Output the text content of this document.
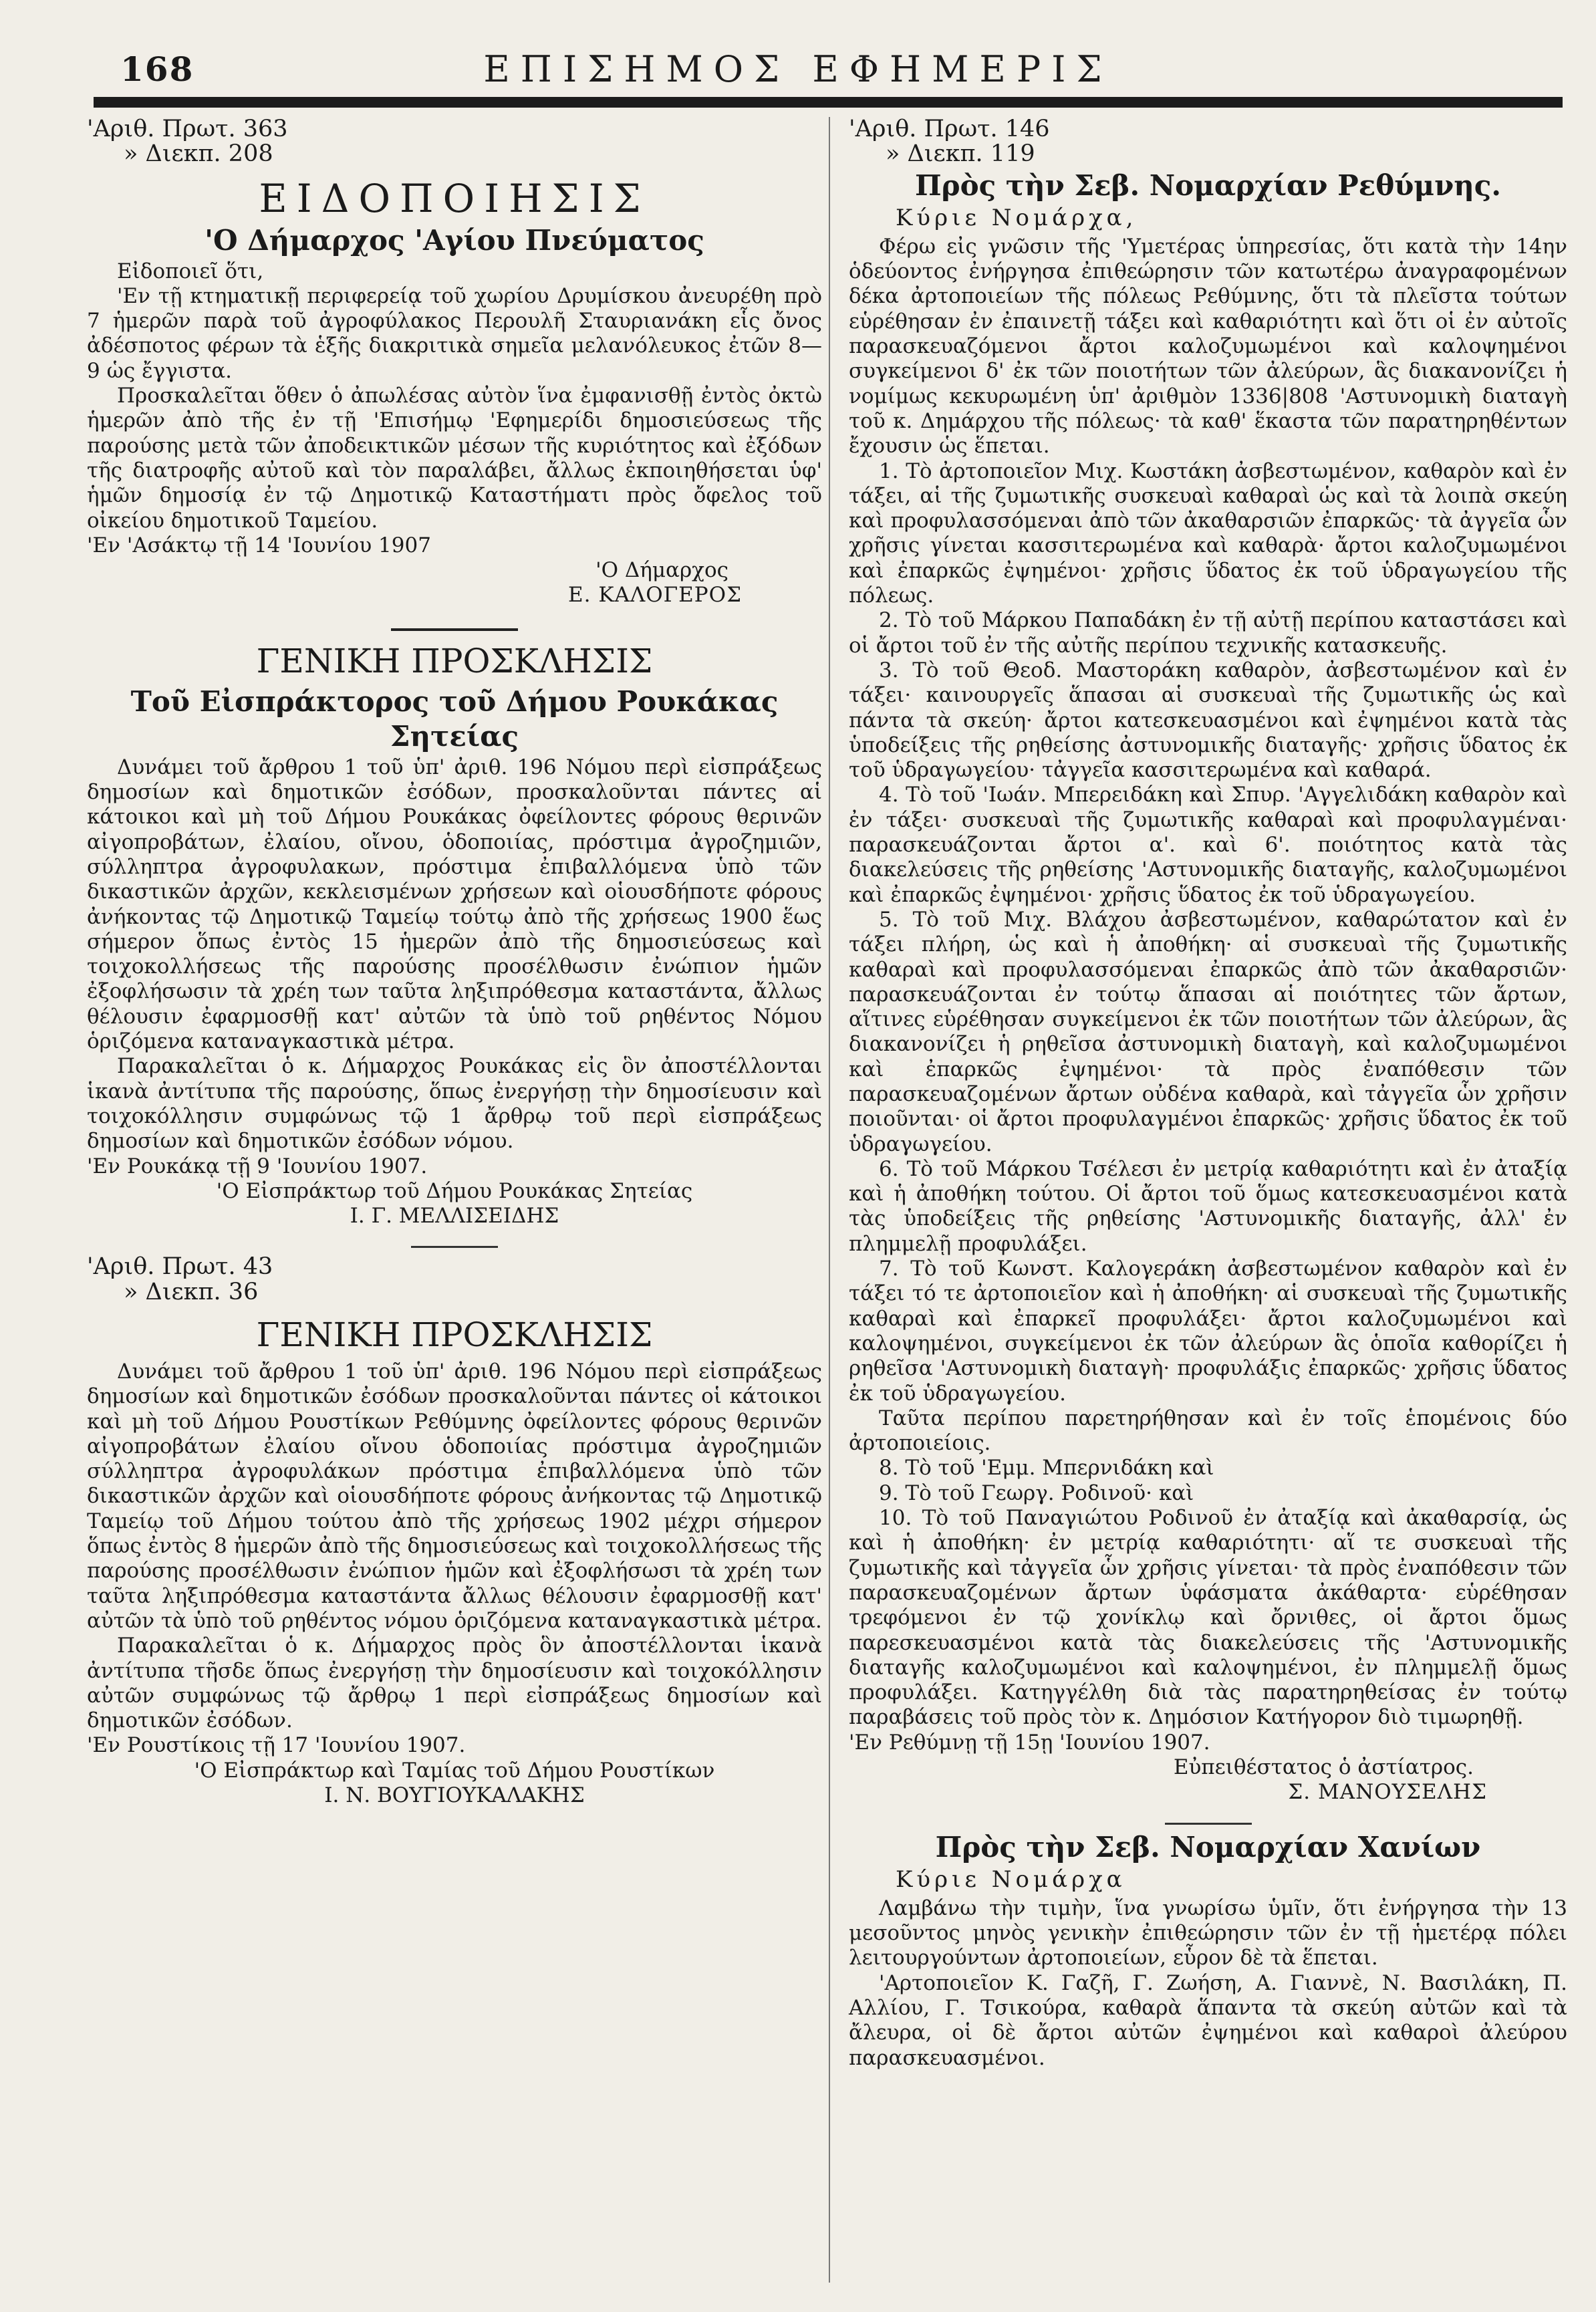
168	ΕΠΙΣΗΜΟΣ ΕΦΗΜΕΡΙΣ

'Αριθ. Πρωτ. 363

» Διεκπ. 208

ΕΙΔΟΠΟΙΗΣΙΣ
'Ο Δήμαρχος 'Αγίου Πνεύματος

Εἰδοποιεῖ ὅτι,

'Εν τῇ κτηματικῇ περιφερείᾳ τοῦ χωρίου Δρυμίσκου ἀνευρέθη πρὸ 7 ἡμερῶν παρὰ τοῦ ἀγροφύλακος Περουλῆ Σταυριανάκη εἷς ὄνος ἀδέσποτος φέρων τὰ ἑξῆς διακριτικὰ σημεῖα μελανόλευκος ἐτῶν 8—9 ὡς ἔγγιστα.

Προσκαλεῖται ὅθεν ὁ ἀπωλέσας αὐτὸν ἵνα ἐμφανισθῇ ἐντὸς ὀκτὼ ἡμερῶν ἀπὸ τῆς ἐν τῇ 'Επισήμῳ 'Εφημερίδι δημοσιεύσεως τῆς παρούσης μετὰ τῶν ἀποδεικτικῶν μέσων τῆς κυριότητος καὶ ἐξόδων τῆς διατροφῆς αὐτοῦ καὶ τὸν παραλάβει, ἄλλως ἐκποιηθήσεται ὑφ' ἡμῶν δημοσίᾳ ἐν τῷ Δημοτικῷ Καταστήματι πρὸς ὄφελος τοῦ οἰκείου δημοτικοῦ Ταμείου.

'Εν 'Ασάκτῳ τῇ 14 'Ιουνίου 1907

'Ο Δήμαρχος

Ε. ΚΑΛΟΓΕΡΟΣ

ΓΕΝΙΚΗ ΠΡΟΣΚΛΗΣΙΣ
Τοῦ Εἰσπράκτορος τοῦ Δήμου Ρουκάκας
Σητείας

Δυνάμει τοῦ ἄρθρου 1 τοῦ ὑπ' ἀριθ. 196 Νόμου περὶ εἰσπράξεως δημοσίων καὶ δημοτικῶν ἐσόδων, προσκαλοῦνται πάντες αἱ κάτοικοι καὶ μὴ τοῦ Δήμου Ρουκάκας ὀφείλοντες φόρους θερινῶν αἰγοπροβάτων, ἐλαίου, οἴνου, ὁδοποιίας, πρόστιμα ἀγροζημιῶν, σύλληπτρα ἀγροφυλακων, πρόστιμα ἐπιβαλλόμενα ὑπὸ τῶν δικαστικῶν ἀρχῶν, κεκλεισμένων χρήσεων καὶ οἱουσδήποτε φόρους ἀνήκοντας τῷ Δημοτικῷ Ταμείῳ τούτῳ ἀπὸ τῆς χρήσεως 1900 ἕως σήμερον ὅπως ἐντὸς 15 ἡμερῶν ἀπὸ τῆς δημοσιεύσεως καὶ τοιχοκολλήσεως τῆς παρούσης προσέλθωσιν ἐνώπιον ἡμῶν ἐξοφλήσωσιν τὰ χρέη των ταῦτα ληξιπρόθεσμα καταστάντα, ἄλλως θέλουσιν ἐφαρμοσθῇ κατ' αὐτῶν τὰ ὑπὸ τοῦ ρηθέντος Νόμου ὁριζόμενα καταναγκαστικὰ μέτρα.

Παρακαλεῖται ὁ κ. Δήμαρχος Ρουκάκας εἰς ὃν ἀποστέλλονται ἱκανὰ ἀντίτυπα τῆς παρούσης, ὅπως ἐνεργήσῃ τὴν δημοσίευσιν καὶ τοιχοκόλλησιν συμφώνως τῷ 1 ἄρθρῳ τοῦ περὶ εἰσπράξεως δημοσίων καὶ δημοτικῶν ἐσόδων νόμου.

'Εν Ρουκάκᾳ τῇ 9 'Ιουνίου 1907.

'Ο Εἰσπράκτωρ τοῦ Δήμου Ρουκάκας Σητείας

Ι. Γ. ΜΕΛΛΙΣΕΙΔΗΣ

'Αριθ. Πρωτ. 43

» Διεκπ. 36

ΓΕΝΙΚΗ ΠΡΟΣΚΛΗΣΙΣ

Δυνάμει τοῦ ἄρθρου 1 τοῦ ὑπ' ἀριθ. 196 Νόμου περὶ εἰσπράξεως δημοσίων καὶ δημοτικῶν ἐσόδων προσκαλοῦνται πάντες οἱ κάτοικοι καὶ μὴ τοῦ Δήμου Ρουστίκων Ρεθύμνης ὀφείλοντες φόρους θερινῶν αἰγοπροβάτων ἐλαίου οἴνου ὁδοποιίας πρόστιμα ἀγροζημιῶν σύλληπτρα ἀγροφυλάκων πρόστιμα ἐπιβαλλόμενα ὑπὸ τῶν δικαστικῶν ἀρχῶν καὶ οἱουσδήποτε φόρους ἀνήκοντας τῷ Δημοτικῷ Ταμείῳ τοῦ Δήμου τούτου ἀπὸ τῆς χρήσεως 1902 μέχρι σήμερον ὅπως ἐντὸς 8 ἡμερῶν ἀπὸ τῆς δημοσιεύσεως καὶ τοιχοκολλήσεως τῆς παρούσης προσέλθωσιν ἐνώπιον ἡμῶν καὶ ἐξοφλήσωσι τὰ χρέη των ταῦτα ληξιπρόθεσμα καταστάντα ἄλλως θέλουσιν ἐφαρμοσθῇ κατ' αὐτῶν τὰ ὑπὸ τοῦ ρηθέντος νόμου ὁριζόμενα καταναγκαστικὰ μέτρα.

Παρακαλεῖται ὁ κ. Δήμαρχος πρὸς ὃν ἀποστέλλονται ἱκανὰ ἀντίτυπα τῆσδε ὅπως ἐνεργήσῃ τὴν δημοσίευσιν καὶ τοιχοκόλλησιν αὐτῶν συμφώνως τῷ ἄρθρῳ 1 περὶ εἰσπράξεως δημοσίων καὶ δημοτικῶν ἐσόδων.

'Εν Ρουστίκοις τῇ 17 'Ιουνίου 1907.

'Ο Εἰσπράκτωρ καὶ Ταμίας τοῦ Δήμου Ρουστίκων

Ι. Ν. ΒΟΥΓΙΟΥΚΑΛΑΚΗΣ

'Αριθ. Πρωτ. 146

» Διεκπ. 119

Πρὸς τὴν Σεβ. Νομαρχίαν Ρεθύμνης.
Κύριε Νομάρχα,

Φέρω εἰς γνῶσιν τῆς 'Υμετέρας ὑπηρεσίας, ὅτι κατὰ τὴν 14ην ὁδεύοντος ἐνήργησα ἐπιθεώρησιν τῶν κατωτέρω ἀναγραφομένων δέκα ἀρτοποιείων τῆς πόλεως Ρεθύμνης, ὅτι τὰ πλεῖστα τούτων εὑρέθησαν ἐν ἐπαινετῇ τάξει καὶ καθαριότητι καὶ ὅτι οἱ ἐν αὐτοῖς παρασκευαζόμενοι ἄρτοι καλοζυμωμένοι καὶ καλοψημένοι συγκείμενοι δ' ἐκ τῶν ποιοτήτων τῶν ἀλεύρων, ἃς διακανονίζει ἡ νομίμως κεκυρωμένη ὑπ' ἀριθμὸν 1336|808 'Αστυνομικὴ διαταγὴ τοῦ κ. Δημάρχου τῆς πόλεως· τὰ καθ' ἕκαστα τῶν παρατηρηθέντων ἔχουσιν ὡς ἕπεται.

1. Τὸ ἀρτοποιεῖον Μιχ. Κωστάκη ἀσβεστωμένον, καθαρὸν καὶ ἐν τάξει, αἱ τῆς ζυμωτικῆς συσκευαὶ καθαραὶ ὡς καὶ τὰ λοιπὰ σκεύη καὶ προφυλασσόμεναι ἀπὸ τῶν ἀκαθαρσιῶν ἐπαρκῶς· τὰ ἀγγεῖα ὧν χρῆσις γίνεται κασσιτερωμένα καὶ καθαρὰ· ἄρτοι καλοζυμωμένοι καὶ ἐπαρκῶς ἐψημένοι· χρῆσις ὕδατος ἐκ τοῦ ὑδραγωγείου τῆς πόλεως.

2. Τὸ τοῦ Μάρκου Παπαδάκη ἐν τῇ αὐτῇ περίπου καταστάσει καὶ οἱ ἄρτοι τοῦ ἐν τῆς αὐτῆς περίπου τεχνικῆς κατασκευῆς.

3. Τὸ τοῦ Θεοδ. Μαστοράκη καθαρὸν, ἀσβεστωμένον καὶ ἐν τάξει· καινουργεῖς ἅπασαι αἱ συσκευαὶ τῆς ζυμωτικῆς ὡς καὶ πάντα τὰ σκεύη· ἄρτοι κατεσκευασμένοι καὶ ἐψημένοι κατὰ τὰς ὑποδείξεις τῆς ρηθείσης ἀστυνομικῆς διαταγῆς· χρῆσις ὕδατος ἐκ τοῦ ὑδραγωγείου· τἀγγεῖα κασσιτερωμένα καὶ καθαρά.

4. Τὸ τοῦ 'Ιωάν. Μπερειδάκη καὶ Σπυρ. 'Αγγελιδάκη καθαρὸν καὶ ἐν τάξει· συσκευαὶ τῆς ζυμωτικῆς καθαραὶ καὶ προφυλαγμέναι· παρασκευάζονται ἄρτοι α'. καὶ 6'. ποιότητος κατὰ τὰς διακελεύσεις τῆς ρηθείσης 'Αστυνομικῆς διαταγῆς, καλοζυμωμένοι καὶ ἐπαρκῶς ἐψημένοι· χρῆσις ὕδατος ἐκ τοῦ ὑδραγωγείου.

5. Τὸ τοῦ Μιχ. Βλάχου ἀσβεστωμένον, καθαρώτατον καὶ ἐν τάξει πλήρη, ὡς καὶ ἡ ἀποθήκη· αἱ συσκευαὶ τῆς ζυμωτικῆς καθαραὶ καὶ προφυλασσόμεναι ἐπαρκῶς ἀπὸ τῶν ἀκαθαρσιῶν· παρασκευάζονται ἐν τούτῳ ἅπασαι αἱ ποιότητες τῶν ἄρτων, αἵτινες εὑρέθησαν συγκείμενοι ἐκ τῶν ποιοτήτων τῶν ἀλεύρων, ἃς διακανονίζει ἡ ρηθεῖσα ἀστυνομικὴ διαταγὴ, καὶ καλοζυμωμένοι καὶ ἐπαρκῶς ἐψημένοι· τὰ πρὸς ἐναπόθεσιν τῶν παρασκευαζομένων ἄρτων οὐδένα καθαρὰ, καὶ τἀγγεῖα ὧν χρῆσιν ποιοῦνται· οἱ ἄρτοι προφυλαγμένοι ἐπαρκῶς· χρῆσις ὕδατος ἐκ τοῦ ὑδραγωγείου.

6. Τὸ τοῦ Μάρκου Τσέλεσι ἐν μετρίᾳ καθαριότητι καὶ ἐν ἀταξίᾳ καὶ ἡ ἀποθήκη τούτου. Οἱ ἄρτοι τοῦ ὅμως κατεσκευασμένοι κατὰ τὰς ὑποδείξεις τῆς ρηθείσης 'Αστυνομικῆς διαταγῆς, ἀλλ' ἐν πλημμελῇ προφυλάξει.

7. Τὸ τοῦ Κωνστ. Καλογεράκη ἀσβεστωμένον καθαρὸν καὶ ἐν τάξει τό τε ἀρτοποιεῖον καὶ ἡ ἀποθήκη· αἱ συσκευαὶ τῆς ζυμωτικῆς καθαραὶ καὶ ἐπαρκεῖ προφυλάξει· ἄρτοι καλοζυμωμένοι καὶ καλοψημένοι, συγκείμενοι ἐκ τῶν ἀλεύρων ἃς ὁποῖα καθορίζει ἡ ρηθεῖσα 'Αστυνομικὴ διαταγὴ· προφυλάξις ἐπαρκῶς· χρῆσις ὕδατος ἐκ τοῦ ὑδραγωγείου.

Ταῦτα περίπου παρετηρήθησαν καὶ ἐν τοῖς ἑπομένοις δύο ἀρτοποιείοις.

8. Τὸ τοῦ 'Εμμ. Μπερνιδάκη καὶ

9. Τὸ τοῦ Γεωργ. Ροδινοῦ· καὶ

10. Τὸ τοῦ Παναγιώτου Ροδινοῦ ἐν ἀταξίᾳ καὶ ἀκαθαρσίᾳ, ὡς καὶ ἡ ἀποθήκη· ἐν μετρίᾳ καθαριότητι· αἵ τε συσκευαὶ τῆς ζυμωτικῆς καὶ τἀγγεῖα ὧν χρῆσις γίνεται· τὰ πρὸς ἐναπόθεσιν τῶν παρασκευαζομένων ἄρτων ὑφάσματα ἀκάθαρτα· εὑρέθησαν τρεφόμενοι ἐν τῷ χονίκλῳ καὶ ὄρνιθες, οἱ ἄρτοι ὅμως παρεσκευασμένοι κατὰ τὰς διακελεύσεις τῆς 'Αστυνομικῆς διαταγῆς καλοζυμωμένοι καὶ καλοψημένοι, ἐν πλημμελῇ ὅμως προφυλάξει. Κατηγγέλθη διὰ τὰς παρατηρηθείσας ἐν τούτῳ παραβάσεις τοῦ πρὸς τὸν κ. Δημόσιον Κατήγορον διὸ τιμωρηθῇ.

'Εν Ρεθύμνῃ τῇ 15ῃ 'Ιουνίου 1907.

Εὐπειθέστατος ὁ ἀστίατρος.

Σ. ΜΑΝΟΥΣΕΛΗΣ

Πρὸς τὴν Σεβ. Νομαρχίαν Χανίων
Κύριε Νομάρχα

Λαμβάνω τὴν τιμὴν, ἵνα γνωρίσω ὑμῖν, ὅτι ἐνήργησα τὴν 13 μεσοῦντος μηνὸς γενικὴν ἐπιθεώρησιν τῶν ἐν τῇ ἡμετέρᾳ πόλει λειτουργούντων ἀρτοποιείων, εὗρον δὲ τὰ ἕπεται.

'Αρτοποιεῖον Κ. Γαζῆ, Γ. Ζωήση, Α. Γιαννὲ, Ν. Βασιλάκη, Π. Αλλίου, Γ. Τσικούρα, καθαρὰ ἅπαντα τὰ σκεύη αὐτῶν καὶ τὰ ἄλευρα, οἱ δὲ ἄρτοι αὐτῶν ἐψημένοι καὶ καθαροὶ ἀλεύρου παρασκευασμένοι.
